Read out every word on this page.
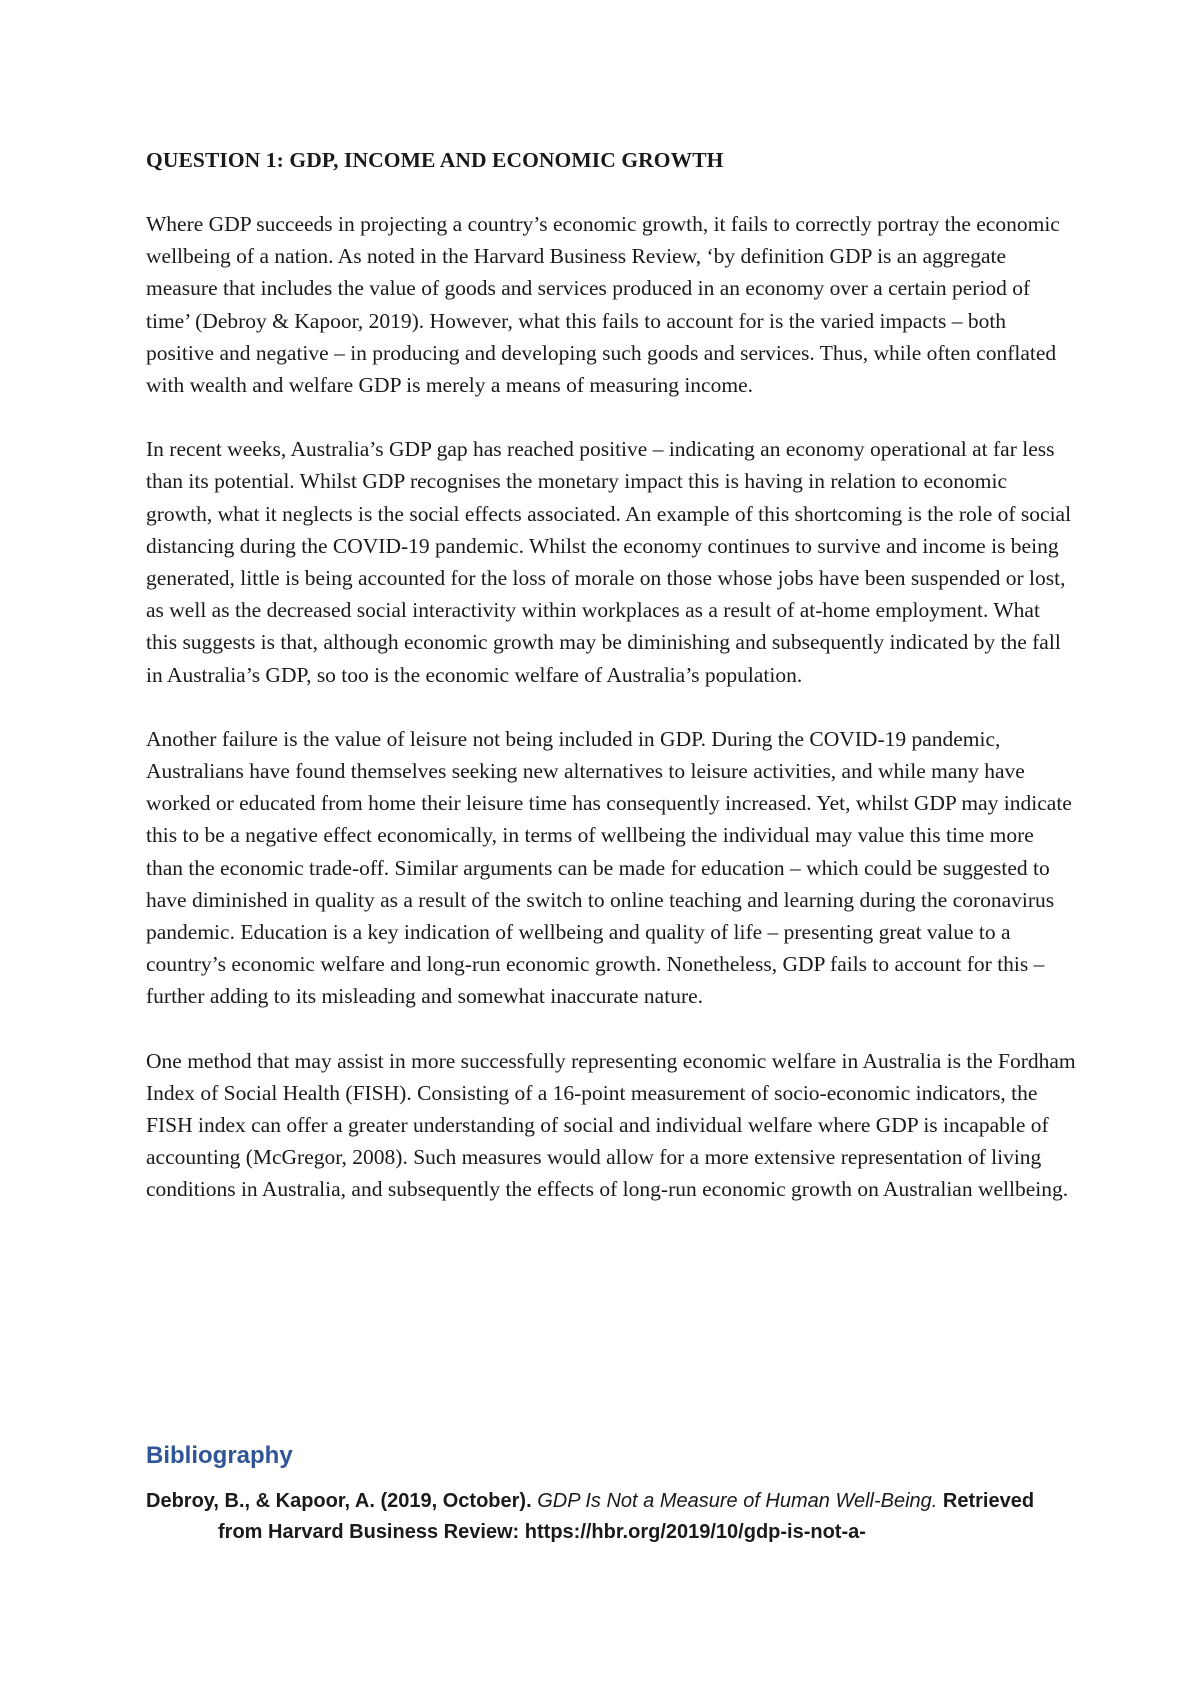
QUESTION 1: GDP, INCOME AND ECONOMIC GROWTH

Where GDP succeeds in projecting a country’s economic growth, it fails to correctly portray the economic wellbeing of a nation. As noted in the Harvard Business Review, ‘by definition GDP is an aggregate measure that includes the value of goods and services produced in an economy over a certain period of time’ (Debroy & Kapoor, 2019). However, what this fails to account for is the varied impacts – both positive and negative – in producing and developing such goods and services. Thus, while often conflated with wealth and welfare GDP is merely a means of measuring income.

In recent weeks, Australia’s GDP gap has reached positive – indicating an economy operational at far less than its potential. Whilst GDP recognises the monetary impact this is having in relation to economic growth, what it neglects is the social effects associated. An example of this shortcoming is the role of social distancing during the COVID-19 pandemic. Whilst the economy continues to survive and income is being generated, little is being accounted for the loss of morale on those whose jobs have been suspended or lost, as well as the decreased social interactivity within workplaces as a result of at-home employment. What this suggests is that, although economic growth may be diminishing and subsequently indicated by the fall in Australia’s GDP, so too is the economic welfare of Australia’s population.

Another failure is the value of leisure not being included in GDP. During the COVID-19 pandemic, Australians have found themselves seeking new alternatives to leisure activities, and while many have worked or educated from home their leisure time has consequently increased. Yet, whilst GDP may indicate this to be a negative effect economically, in terms of wellbeing the individual may value this time more than the economic trade-off. Similar arguments can be made for education – which could be suggested to have diminished in quality as a result of the switch to online teaching and learning during the coronavirus pandemic. Education is a key indication of wellbeing and quality of life – presenting great value to a country’s economic welfare and long-run economic growth. Nonetheless, GDP fails to account for this – further adding to its misleading and somewhat inaccurate nature.

One method that may assist in more successfully representing economic welfare in Australia is the Fordham Index of Social Health (FISH). Consisting of a 16-point measurement of socio-economic indicators, the FISH index can offer a greater understanding of social and individual welfare where GDP is incapable of accounting (McGregor, 2008). Such measures would allow for a more extensive representation of living conditions in Australia, and subsequently the effects of long-run economic growth on Australian wellbeing.

Bibliography

Debroy, B., & Kapoor, A. (2019, October). GDP Is Not a Measure of Human Well-Being. Retrieved from Harvard Business Review: https://hbr.org/2019/10/gdp-is-not-a-
